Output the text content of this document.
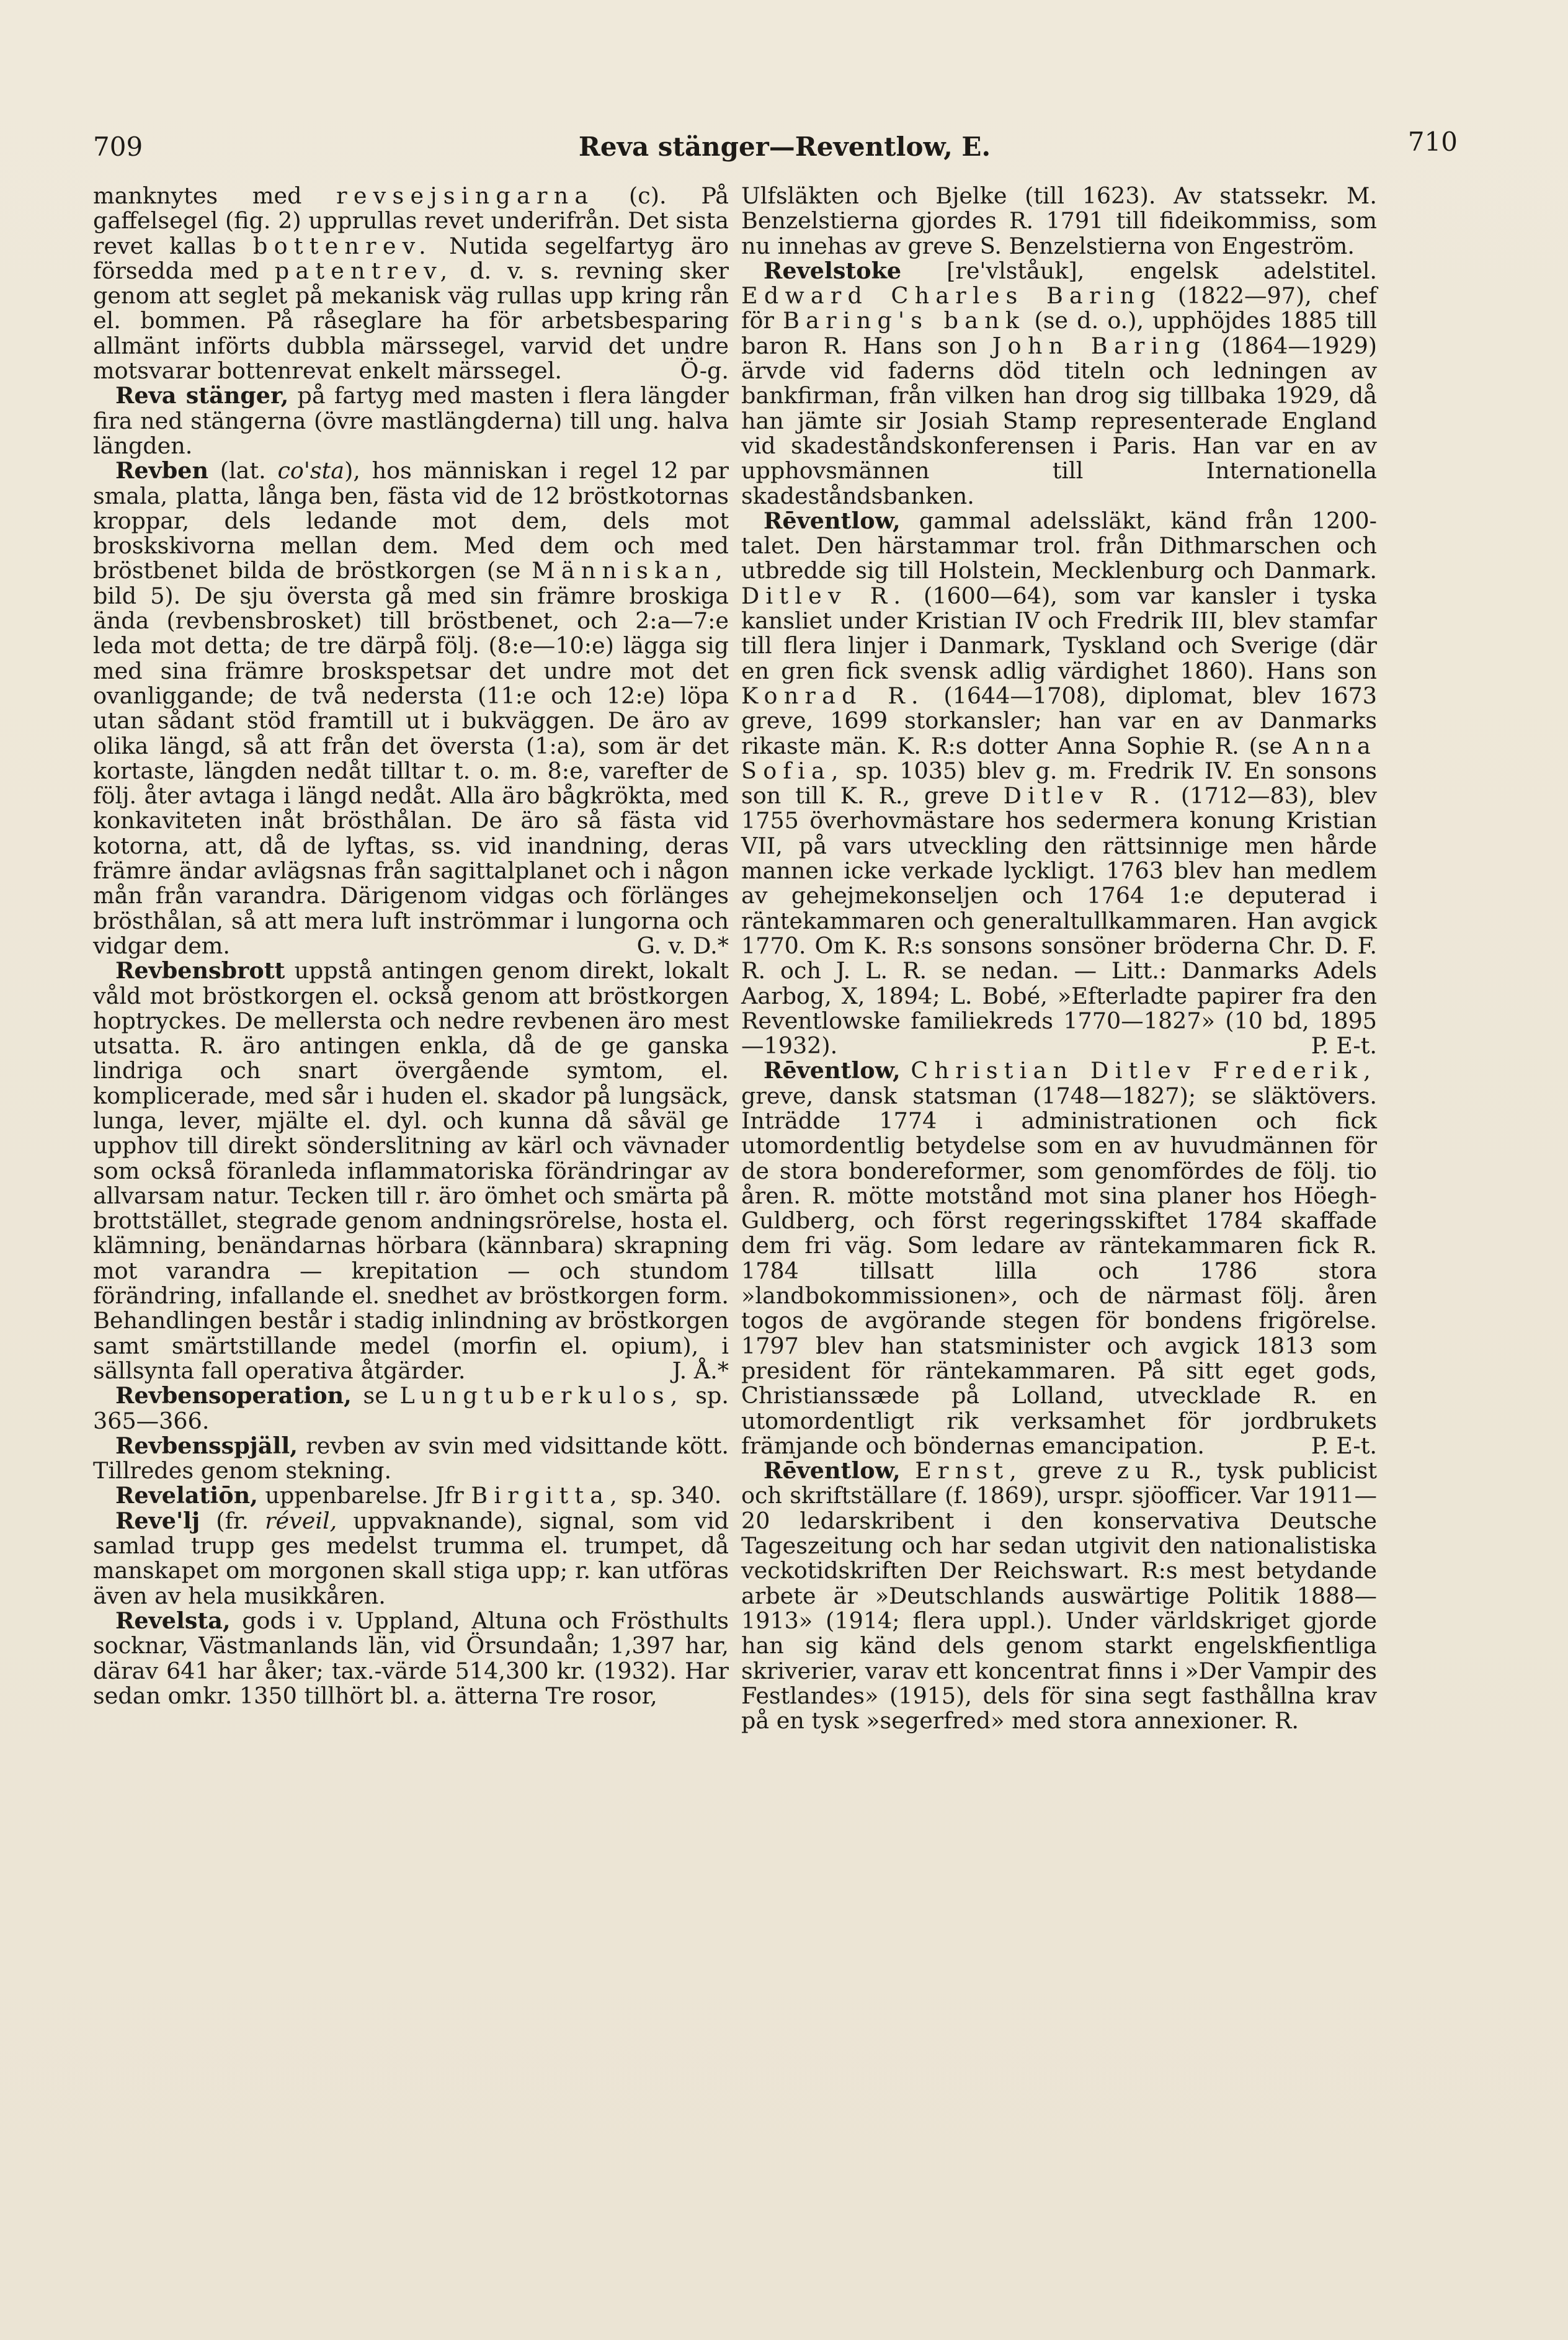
709	Reva stänger—Reventlow, E.	710

manknytes med revsejsingarna (c). På gaffelsegel (fig. 2) upprullas revet underifrån. Det sista revet kallas bottenrev. Nutida segelfartyg äro försedda med patentrev, d. v. s. revning sker genom att seglet på mekanisk väg rullas upp kring rån el. bommen. På råseglare ha för arbetsbesparing allmänt införts dubbla märssegel, varvid det undre motsvarar bottenrevat enkelt märssegel.	Ö-g.

Reva stänger, på fartyg med masten i flera längder fira ned stängerna (övre mastlängderna) till ung. halva längden.

Revben (lat. co'sta), hos människan i regel 12 par smala, platta, långa ben, fästa vid de 12 bröstkotornas kroppar, dels ledande mot dem, dels mot broskskivorna mellan dem. Med dem och med bröstbenet bilda de bröstkorgen (se Människan, bild 5). De sju översta gå med sin främre broskiga ända (revbensbrosket) till bröstbenet, och 2:a—7:e leda mot detta; de tre därpå följ. (8:e—10:e) lägga sig med sina främre broskspetsar det undre mot det ovanliggande; de två nedersta (11:e och 12:e) löpa utan sådant stöd framtill ut i bukväggen. De äro av olika längd, så att från det översta (1:a), som är det kortaste, längden nedåt tilltar t. o. m. 8:e, varefter de följ. åter avtaga i längd nedåt. Alla äro bågkrökta, med konkaviteten inåt brösthålan. De äro så fästa vid kotorna, att, då de lyftas, ss. vid inandning, deras främre ändar avlägsnas från sagittalplanet och i någon mån från varandra. Därigenom vidgas och förlänges brösthålan, så att mera luft inströmmar i lungorna och vidgar dem.	G. v. D.*

Revbensbrott uppstå antingen genom direkt, lokalt våld mot bröstkorgen el. också genom att bröstkorgen hoptryckes. De mellersta och nedre revbenen äro mest utsatta. R. äro antingen enkla, då de ge ganska lindriga och snart övergående symtom, el. komplicerade, med sår i huden el. skador på lungsäck, lunga, lever, mjälte el. dyl. och kunna då såväl ge upphov till direkt sönderslitning av kärl och vävnader som också föranleda inflammatoriska förändringar av allvarsam natur. Tecken till r. äro ömhet och smärta på brottstället, stegrade genom andningsrörelse, hosta el. klämning, benändarnas hörbara (kännbara) skrapning mot varandra — krepitation — och stundom förändring, infallande el. snedhet av bröstkorgen form. Behandlingen består i stadig inlindning av bröstkorgen samt smärtstillande medel (morfin el. opium), i sällsynta fall operativa åtgärder.	J. Å.*

Revbensoperation, se Lungtuberkulos, sp. 365—366.

Revbensspjäll, revben av svin med vidsittande kött. Tillredes genom stekning.

Revelatiōn, uppenbarelse. Jfr Birgitta, sp. 340.

Reve'lj (fr. réveil, uppvaknande), signal, som vid samlad trupp ges medelst trumma el. trumpet, då manskapet om morgonen skall stiga upp; r. kan utföras även av hela musikkåren.

Revelsta, gods i v. Uppland, Altuna och Frösthults socknar, Västmanlands län, vid Örsundaån; 1,397 har, därav 641 har åker; tax.-värde 514,300 kr. (1932). Har sedan omkr. 1350 tillhört bl. a. ätterna Tre rosor,

Ulfsläkten och Bjelke (till 1623). Av statssekr. M. Benzelstierna gjordes R. 1791 till fideikommiss, som nu innehas av greve S. Benzelstierna von Engeström.

Revelstoke [re'vlståuk], engelsk adelstitel. Edward Charles Baring (1822—97), chef för Baring's bank (se d. o.), upphöjdes 1885 till baron R. Hans son John Baring (1864—1929) ärvde vid faderns död titeln och ledningen av bankfirman, från vilken han drog sig tillbaka 1929, då han jämte sir Josiah Stamp representerade England vid skadeståndskonferensen i Paris. Han var en av upphovsmännen till Internationella skadeståndsbanken.

Rēventlow, gammal adelssläkt, känd från 1200-talet. Den härstammar trol. från Dithmarschen och utbredde sig till Holstein, Mecklenburg och Danmark. Ditlev R. (1600—64), som var kansler i tyska kansliet under Kristian IV och Fredrik III, blev stamfar till flera linjer i Danmark, Tyskland och Sverige (där en gren fick svensk adlig värdighet 1860). Hans son Konrad R. (1644—1708), diplomat, blev 1673 greve, 1699 storkansler; han var en av Danmarks rikaste män. K. R:s dotter Anna Sophie R. (se Anna Sofia, sp. 1035) blev g. m. Fredrik IV. En sonsons son till K. R., greve Ditlev R. (1712—83), blev 1755 överhovmästare hos sedermera konung Kristian VII, på vars utveckling den rättsinnige men hårde mannen icke verkade lyckligt. 1763 blev han medlem av gehejmekonseljen och 1764 1:e deputerad i räntekammaren och generaltullkammaren. Han avgick 1770. Om K. R:s sonsons sonsöner bröderna Chr. D. F. R. och J. L. R. se nedan. — Litt.: Danmarks Adels Aarbog, X, 1894; L. Bobé, »Efterladte papirer fra den Reventlowske familiekreds 1770—1827» (10 bd, 1895—1932).	P. E-t.

Rēventlow, Christian Ditlev Frederik, greve, dansk statsman (1748—1827); se släktövers. Inträdde 1774 i administrationen och fick utomordentlig betydelse som en av huvudmännen för de stora bondereformer, som genomfördes de följ. tio åren. R. mötte motstånd mot sina planer hos Höegh-Guldberg, och först regeringsskiftet 1784 skaffade dem fri väg. Som ledare av räntekammaren fick R. 1784 tillsatt lilla och 1786 stora »landbokommissionen», och de närmast följ. åren togos de avgörande stegen för bondens frigörelse. 1797 blev han statsminister och avgick 1813 som president för räntekammaren. På sitt eget gods, Christianssæde på Lolland, utvecklade R. en utomordentligt rik verksamhet för jordbrukets främjande och böndernas emancipation.	P. E-t.

Rēventlow, Ernst, greve zu R., tysk publicist och skriftställare (f. 1869), urspr. sjöofficer. Var 1911—20 ledarskribent i den konservativa Deutsche Tageszeitung och har sedan utgivit den nationalistiska veckotidskriften Der Reichswart. R:s mest betydande arbete är »Deutschlands auswärtige Politik 1888—1913» (1914; flera uppl.). Under världskriget gjorde han sig känd dels genom starkt engelskfientliga skriverier, varav ett koncentrat finns i »Der Vampir des Festlandes» (1915), dels för sina segt fasthållna krav på en tysk »segerfred» med stora annexioner. R.
